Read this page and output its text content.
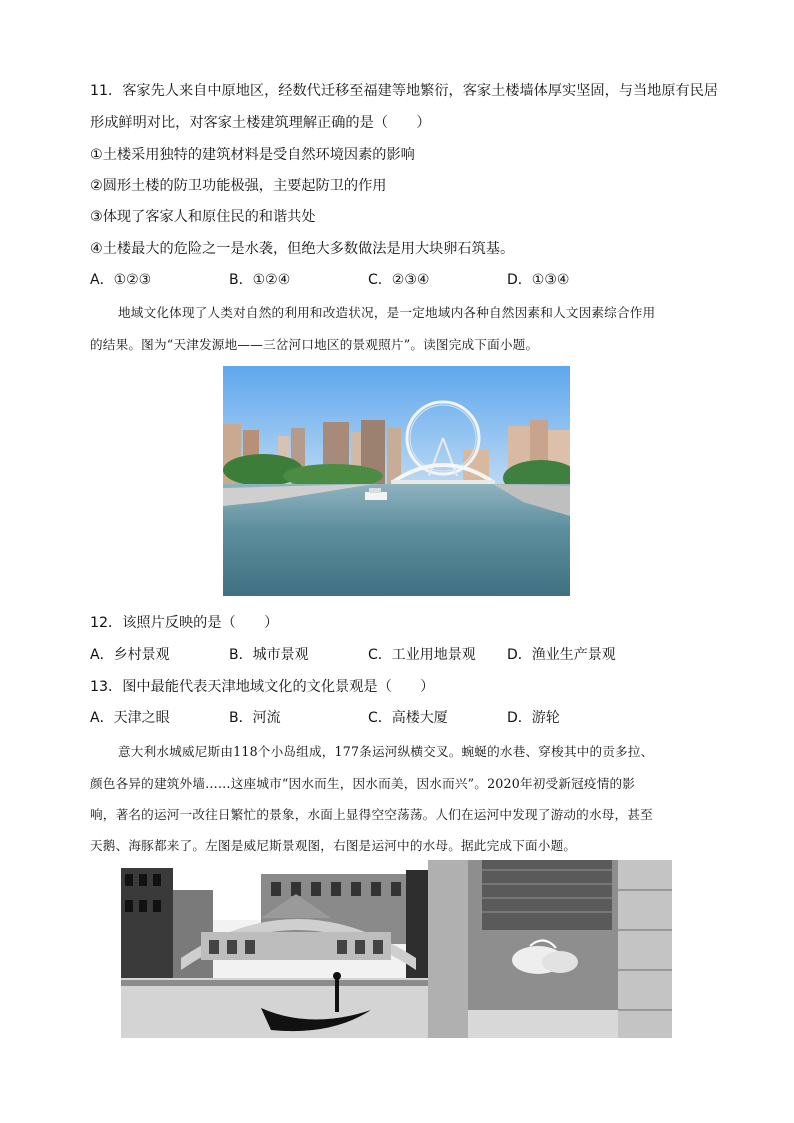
11．客家先人来自中原地区，经数代迁移至福建等地繁衍，客家土楼墙体厚实坚固，与当地原有民居
形成鲜明对比，对客家土楼建筑理解正确的是（　　）
①土楼采用独特的建筑材料是受自然环境因素的影响
②圆形土楼的防卫功能极强，主要起防卫的作用
③体现了客家人和原住民的和谐共处
④土楼最大的危险之一是水袭，但绝大多数做法是用大块卵石筑基。
A．①②③	B．①②④	C．②③④	D．①③④
地域文化体现了人类对自然的利用和改造状况，是一定地域内各种自然因素和人文因素综合作用
的结果。图为“天津发源地——三岔河口地区的景观照片”。读图完成下面小题。
12．该照片反映的是（　　）
A．乡村景观	B．城市景观	C．工业用地景观 D．渔业生产景观
13．图中最能代表天津地域文化的文化景观是（　　）
A．天津之眼	B．河流	C．高楼大厦	D．游轮
意大利水城威尼斯由118个小岛组成，177条运河纵横交叉。蜿蜒的水巷、穿梭其中的贡多拉、
颜色各异的建筑外墙……这座城市“因水而生，因水而美，因水而兴”。2020年初受新冠疫情的影
响，著名的运河一改往日繁忙的景象，水面上显得空空荡荡。人们在运河中发现了游动的水母，甚至
天鹅、海豚都来了。左图是威尼斯景观图，右图是运河中的水母。据此完成下面小题。
